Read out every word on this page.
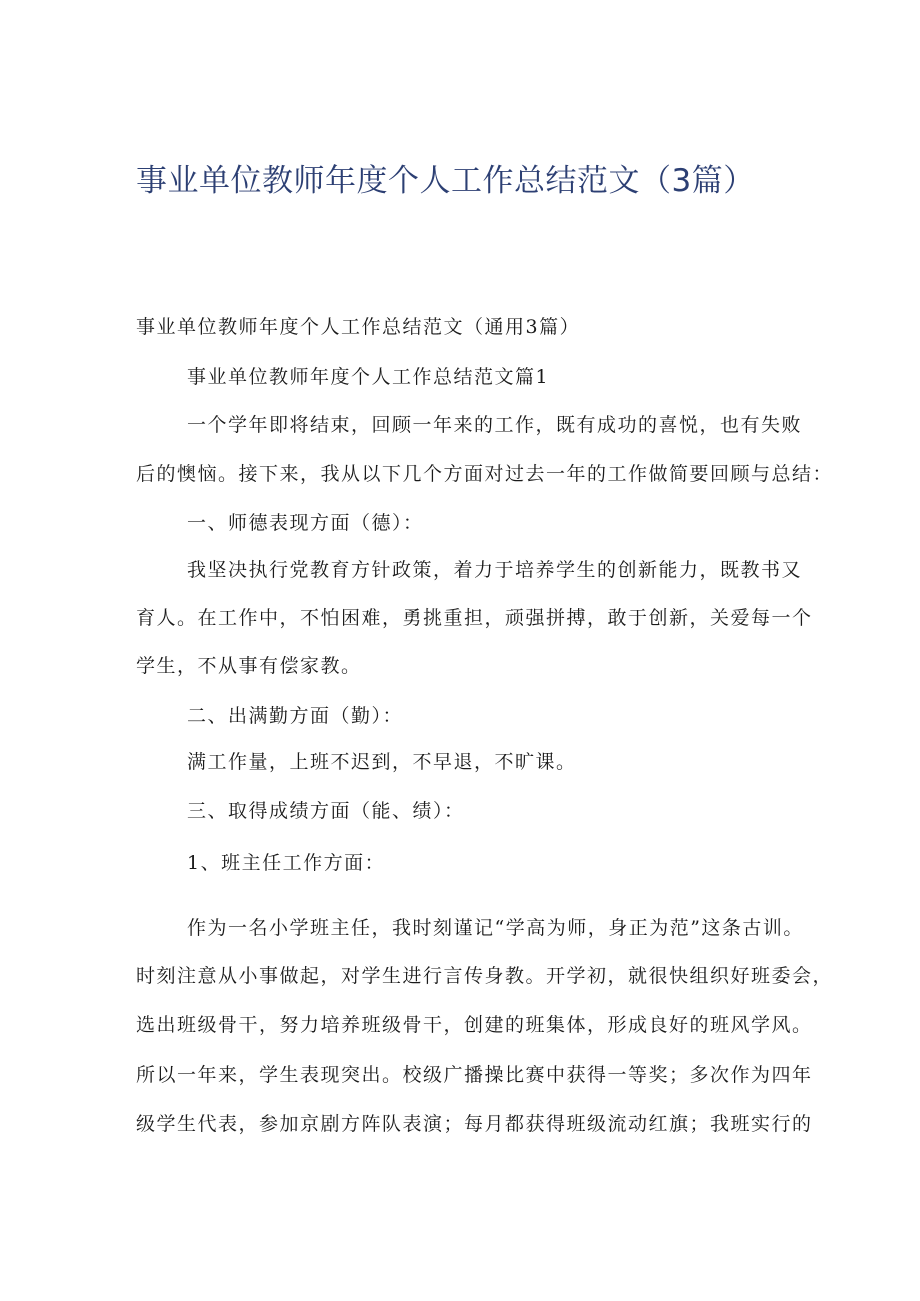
事业单位教师年度个人工作总结范文（3篇）
事业单位教师年度个人工作总结范文（通用3篇）
事业单位教师年度个人工作总结范文篇1
一个学年即将结束，回顾一年来的工作，既有成功的喜悦，也有失败
后的懊恼。接下来，我从以下几个方面对过去一年的工作做简要回顾与总结：
一、师德表现方面（德）：
我坚决执行党教育方针政策，着力于培养学生的创新能力，既教书又
育人。在工作中，不怕困难，勇挑重担，顽强拼搏，敢于创新，关爱每一个
学生，不从事有偿家教。
二、出满勤方面（勤）：
满工作量，上班不迟到，不早退，不旷课。
三、取得成绩方面（能、绩）：
1、班主任工作方面：
作为一名小学班主任，我时刻谨记“学高为师，身正为范”这条古训。
时刻注意从小事做起，对学生进行言传身教。开学初，就很快组织好班委会，
选出班级骨干，努力培养班级骨干，创建的班集体，形成良好的班风学风。
所以一年来，学生表现突出。校级广播操比赛中获得一等奖；多次作为四年
级学生代表，参加京剧方阵队表演；每月都获得班级流动红旗；我班实行的
